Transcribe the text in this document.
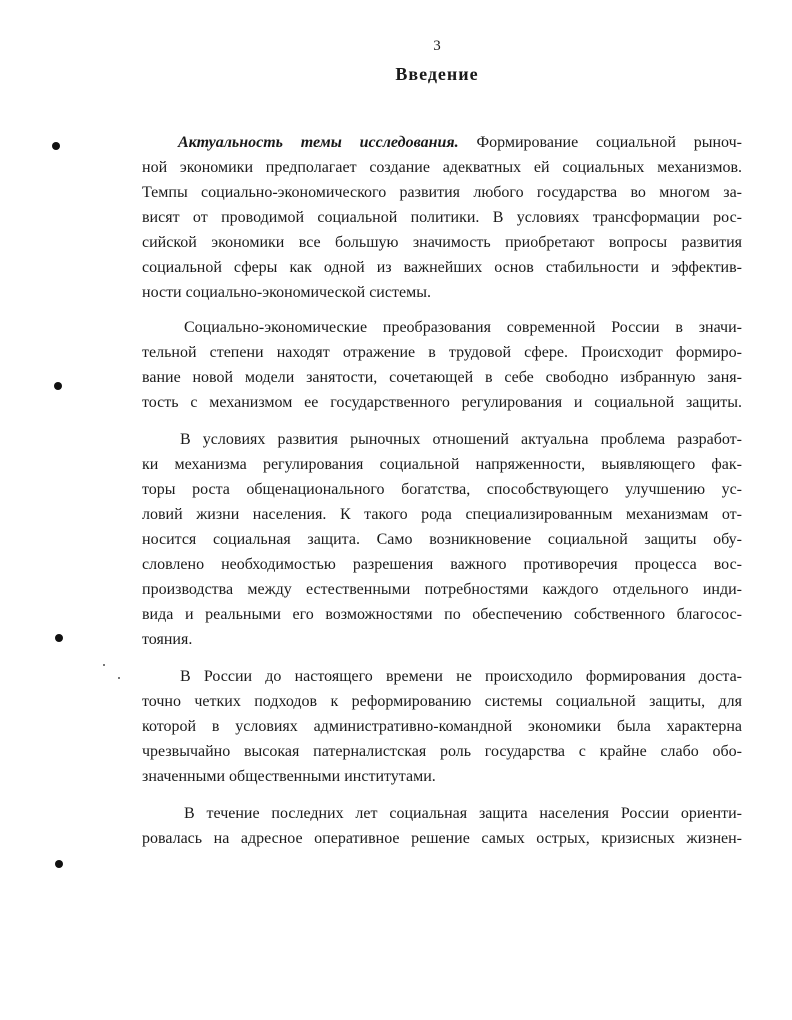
3
Введение

Актуальность темы исследования. Формирование социальной рыноч-
ной экономики предполагает создание адекватных ей социальных механизмов.
Темпы социально-экономического развития любого государства во многом за-
висят от проводимой социальной политики. В условиях трансформации рос-
сийской экономики все большую значимость приобретают вопросы развития
социальной сферы как одной из важнейших основ стабильности и эффектив-
ности социально-экономической системы.

Социально-экономические преобразования современной России в значи-
тельной степени находят отражение в трудовой сфере. Происходит формиро-
вание новой модели занятости, сочетающей в себе свободно избранную заня-
тость с механизмом ее государственного регулирования и социальной защиты.

В условиях развития рыночных отношений актуальна проблема разработ-
ки механизма регулирования социальной напряженности, выявляющего фак-
торы роста общенационального богатства, способствующего улучшению ус-
ловий жизни населения. К такого рода специализированным механизмам от-
носится социальная защита. Само возникновение социальной защиты обу-
словлено необходимостью разрешения важного противоречия процесса вос-
производства между естественными потребностями каждого отдельного инди-
вида и реальными его возможностями по обеспечению собственного благосос-
тояния.

В России до настоящего времени не происходило формирования доста-
точно четких подходов к реформированию системы социальной защиты, для
которой в условиях административно-командной экономики была характерна
чрезвычайно высокая патерналистская роль государства с крайне слабо обо-
значенными общественными институтами.

В течение последних лет социальная защита населения России ориенти-
ровалась на адресное оперативное решение самых острых, кризисных жизнен-
